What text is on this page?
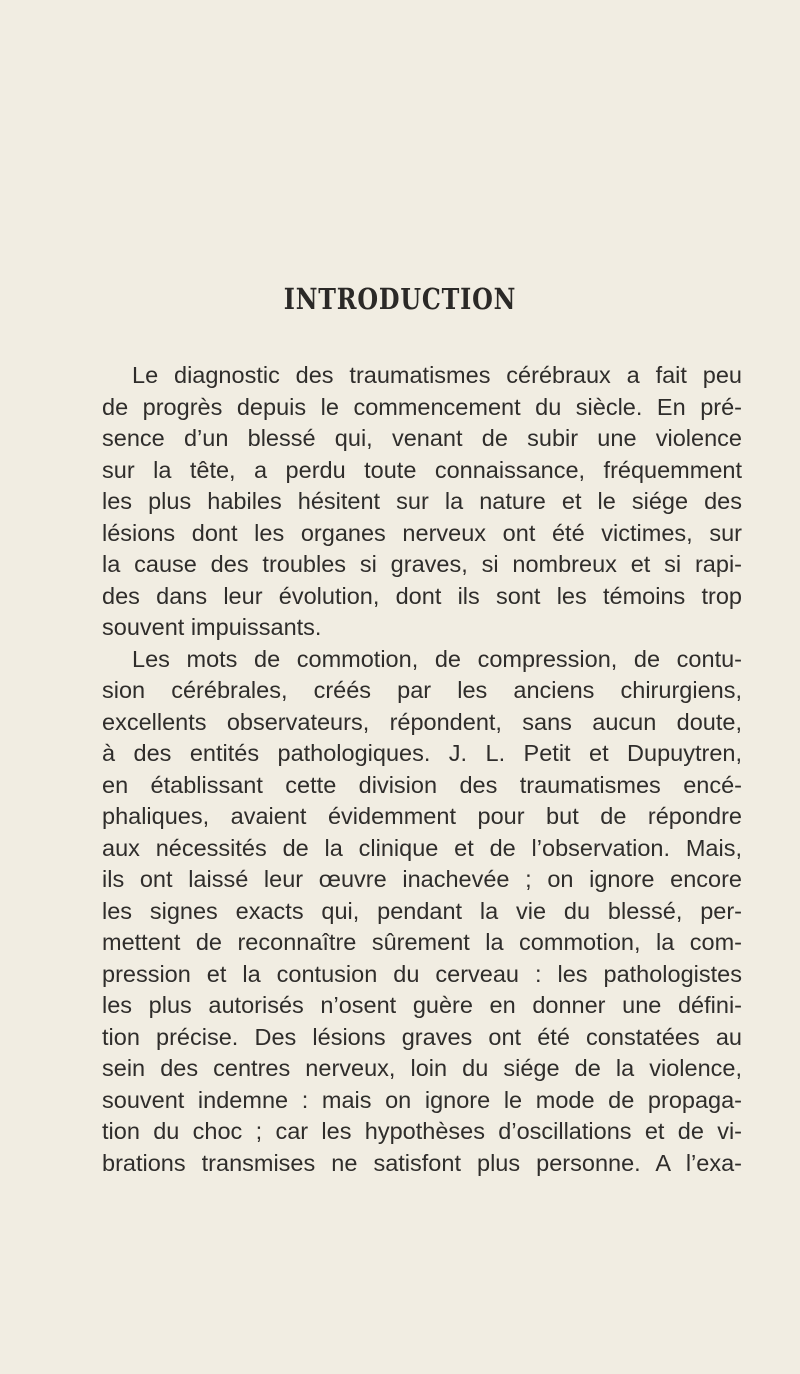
INTRODUCTION
Le diagnostic des traumatismes cérébraux a fait peu
de progrès depuis le commencement du siècle. En pré-
sence d’un blessé qui, venant de subir une violence
sur la tête, a perdu toute connaissance, fréquemment
les plus habiles hésitent sur la nature et le siége des
lésions dont les organes nerveux ont été victimes, sur
la cause des troubles si graves, si nombreux et si rapi-
des dans leur évolution, dont ils sont les témoins trop
souvent impuissants.
Les mots de commotion, de compression, de contu-
sion cérébrales, créés par les anciens chirurgiens,
excellents observateurs, répondent, sans aucun doute,
à des entités pathologiques. J. L. Petit et Dupuytren,
en établissant cette division des traumatismes encé-
phaliques, avaient évidemment pour but de répondre
aux nécessités de la clinique et de l’observation. Mais,
ils ont laissé leur œuvre inachevée ; on ignore encore
les signes exacts qui, pendant la vie du blessé, per-
mettent de reconnaître sûrement la commotion, la com-
pression et la contusion du cerveau : les pathologistes
les plus autorisés n’osent guère en donner une défini-
tion précise. Des lésions graves ont été constatées au
sein des centres nerveux, loin du siége de la violence,
souvent indemne : mais on ignore le mode de propaga-
tion du choc ; car les hypothèses d’oscillations et de vi-
brations transmises ne satisfont plus personne. A l’exa-
